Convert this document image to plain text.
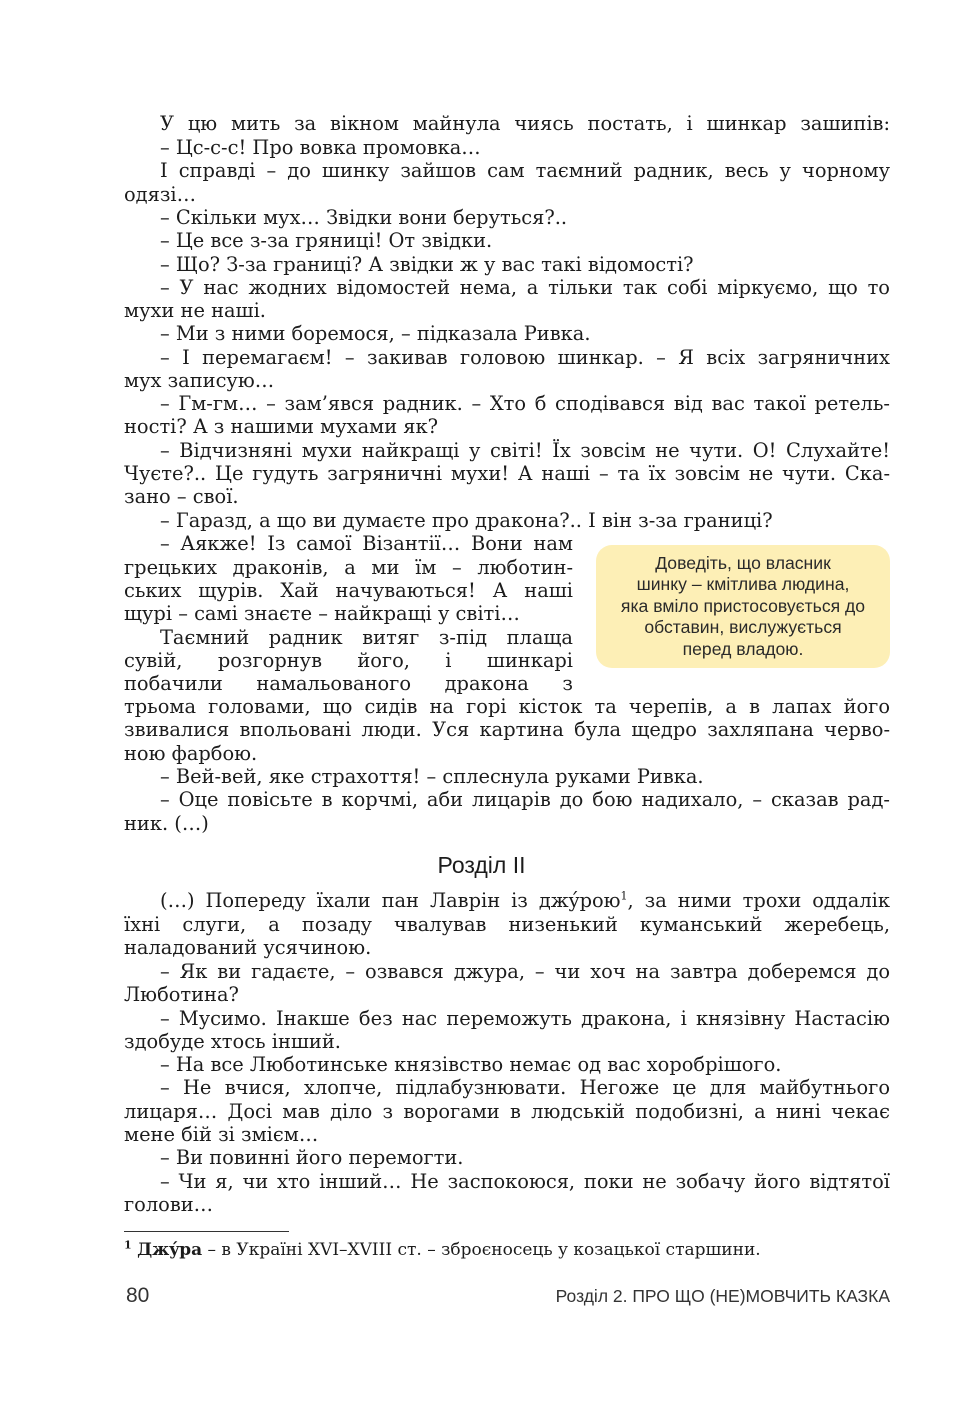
У цю мить за вікном майнула чиясь постать, і шинкар зашипів:
– Цс-с-с! Про вовка промовка…
І справді – до шинку зайшов сам таємний радник, весь у чорному
одязі…
– Скільки мух… Звідки вони беруться?..
– Це все з-за гряниці! От звідки.
– Що? З-за границі? А звідки ж у вас такі відомості?
– У нас жодних відомостей нема, а тільки так собі міркуємо, що то
мухи не наші.
– Ми з ними боремося, – підказала Ривка.
– І перемагаєм! – закивав головою шинкар. – Я всіх загряничних
мух записую…
– Гм-гм… – зам’явся радник. – Хто б сподівався від вас такої ретель-
ності? А з нашими мухами як?
– Відчизняні мухи найкращі у світі! Їх зовсім не чути. О! Слухайте!
Чуєте?.. Це гудуть загряничні мухи! А наші – та їх зовсім не чути. Ска-
зано – свої.
– Гаразд, а що ви думаєте про дракона?.. І він з-за границі?
– Аякже! Із самої Візантії… Вони нам
грецьких драконів, а ми їм – люботин-
ських щурів. Хай начуваються! А наші
щурі – самі знаєте – найкращі у світі…
Таємний радник витяг з-під плаща
сувій, розгорнув його, і шинкарі
побачили намальованого дракона з
Доведіть, що власник
шинку – кмітлива людина,
яка вміло пристосовується до
обставин, вислужується
перед владою.
трьома головами, що сидів на горі кісток та черепів, а в лапах його
звивалися впольовані люди. Уся картина була щедро захляпана черво-
ною фарбою.
– Вей-вей, яке страхоття! – сплеснула руками Ривка.
– Оце повісьте в корчмі, аби лицарів до бою надихало, – сказав рад-
ник. (…)
Розділ ІІ
(…) Попереду їхали пан Лаврін із джýрою$^1$, за ними трохи оддалік
їхні слуги, а позаду чвалував низенький куманський жеребець,
наладований усячиною.
– Як ви гадаєте, – озвався джура, – чи хоч на завтра доберемся до
Люботина?
– Мусимо. Інакше без нас переможуть дракона, і князівну Настасію
здобуде хтось інший.
– На все Люботинське князівство немає од вас хоробрішого.
– Не вчися, хлопче, підлабузнювати. Негоже це для майбутнього
лицаря… Досі мав діло з ворогами в людській подобизні, а нині чекає
мене бій зі змієм…
– Ви повинні його перемогти.
– Чи я, чи хто інший… Не заспокоюся, поки не зобачу його відтятої
голови…
$^1$ Джýра – в Україні XVI–XVIII ст. – зброєносець у козацької старшини.
80	Розділ 2. ПРО ЩО (НЕ)МОВЧИТЬ КАЗКА
